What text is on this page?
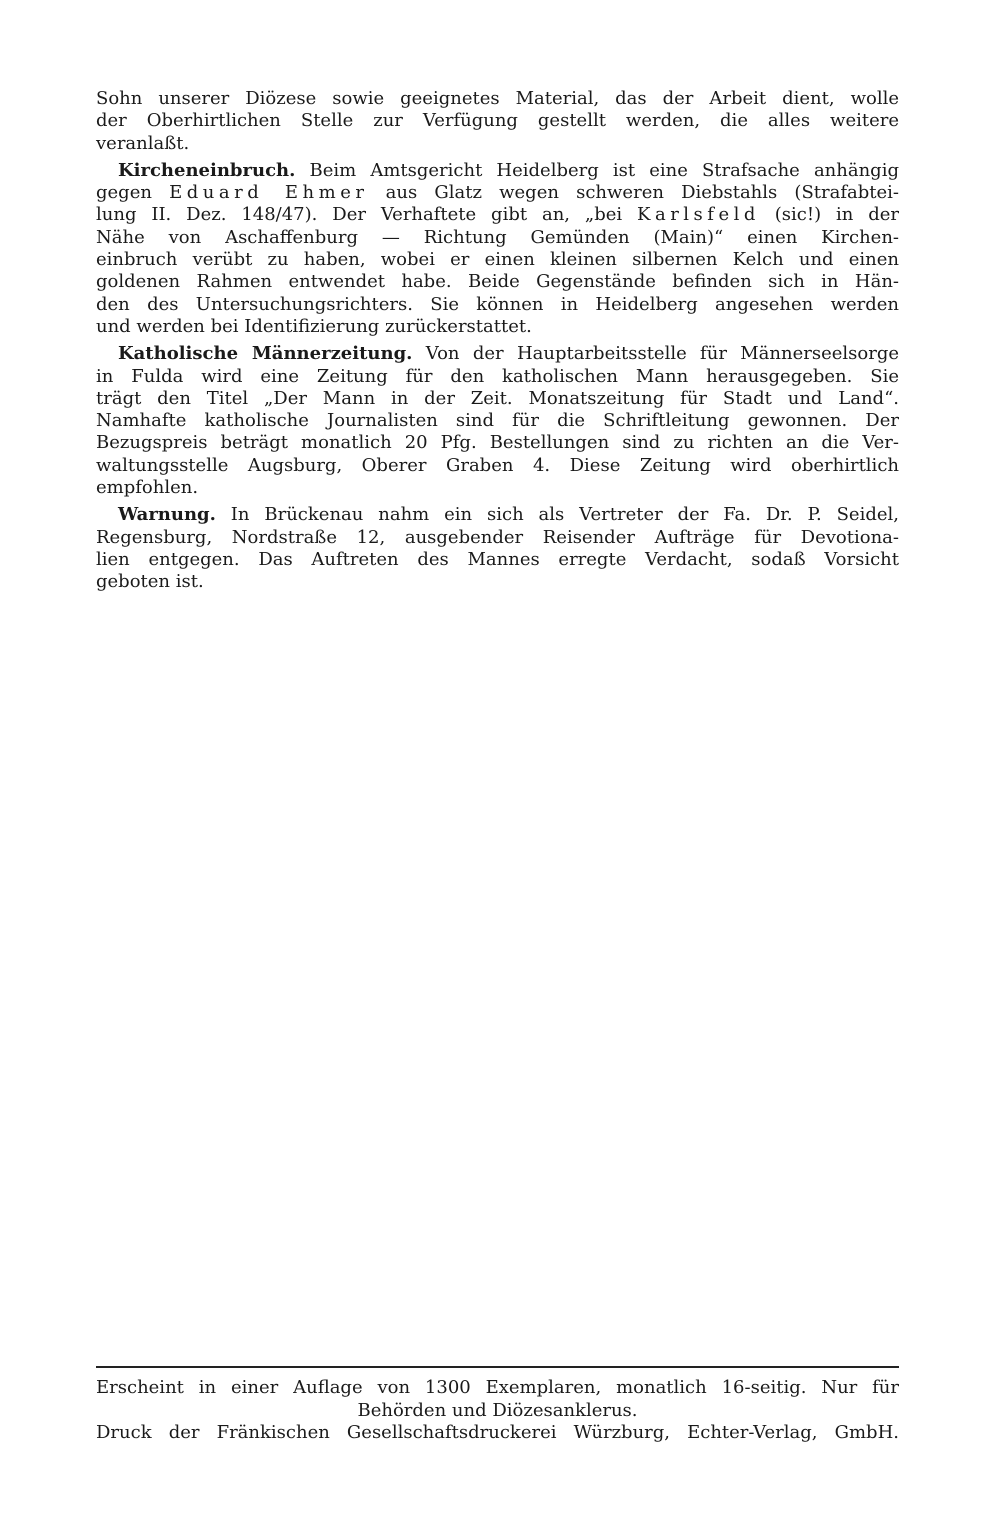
Sohn unserer Diözese sowie geeignetes Material, das der Arbeit dient, wolle
der Oberhirtlichen Stelle zur Verfügung gestellt werden, die alles weitere
veranlaßt.
Kircheneinbruch. Beim Amtsgericht Heidelberg ist eine Strafsache anhängig
gegen Eduard Ehmer aus Glatz wegen schweren Diebstahls (Strafabtei-
lung II. Dez. 148/47). Der Verhaftete gibt an, „bei Karlsfeld (sic!) in der
Nähe von Aschaffenburg — Richtung Gemünden (Main)“ einen Kirchen-
einbruch verübt zu haben, wobei er einen kleinen silbernen Kelch und einen
goldenen Rahmen entwendet habe. Beide Gegenstände befinden sich in Hän-
den des Untersuchungsrichters. Sie können in Heidelberg angesehen werden
und werden bei Identifizierung zurückerstattet.
Katholische Männerzeitung. Von der Hauptarbeitsstelle für Männerseelsorge
in Fulda wird eine Zeitung für den katholischen Mann herausgegeben. Sie
trägt den Titel „Der Mann in der Zeit. Monatszeitung für Stadt und Land“.
Namhafte katholische Journalisten sind für die Schriftleitung gewonnen. Der
Bezugspreis beträgt monatlich 20 Pfg. Bestellungen sind zu richten an die Ver-
waltungsstelle Augsburg, Oberer Graben 4. Diese Zeitung wird oberhirtlich
empfohlen.
Warnung. In Brückenau nahm ein sich als Vertreter der Fa. Dr. P. Seidel,
Regensburg, Nordstraße 12, ausgebender Reisender Aufträge für Devotiona-
lien entgegen. Das Auftreten des Mannes erregte Verdacht, sodaß Vorsicht
geboten ist.
Erscheint in einer Auflage von 1300 Exemplaren, monatlich 16-seitig. Nur für
Behörden und Diözesanklerus.
Druck der Fränkischen Gesellschaftsdruckerei Würzburg, Echter-Verlag, GmbH.
